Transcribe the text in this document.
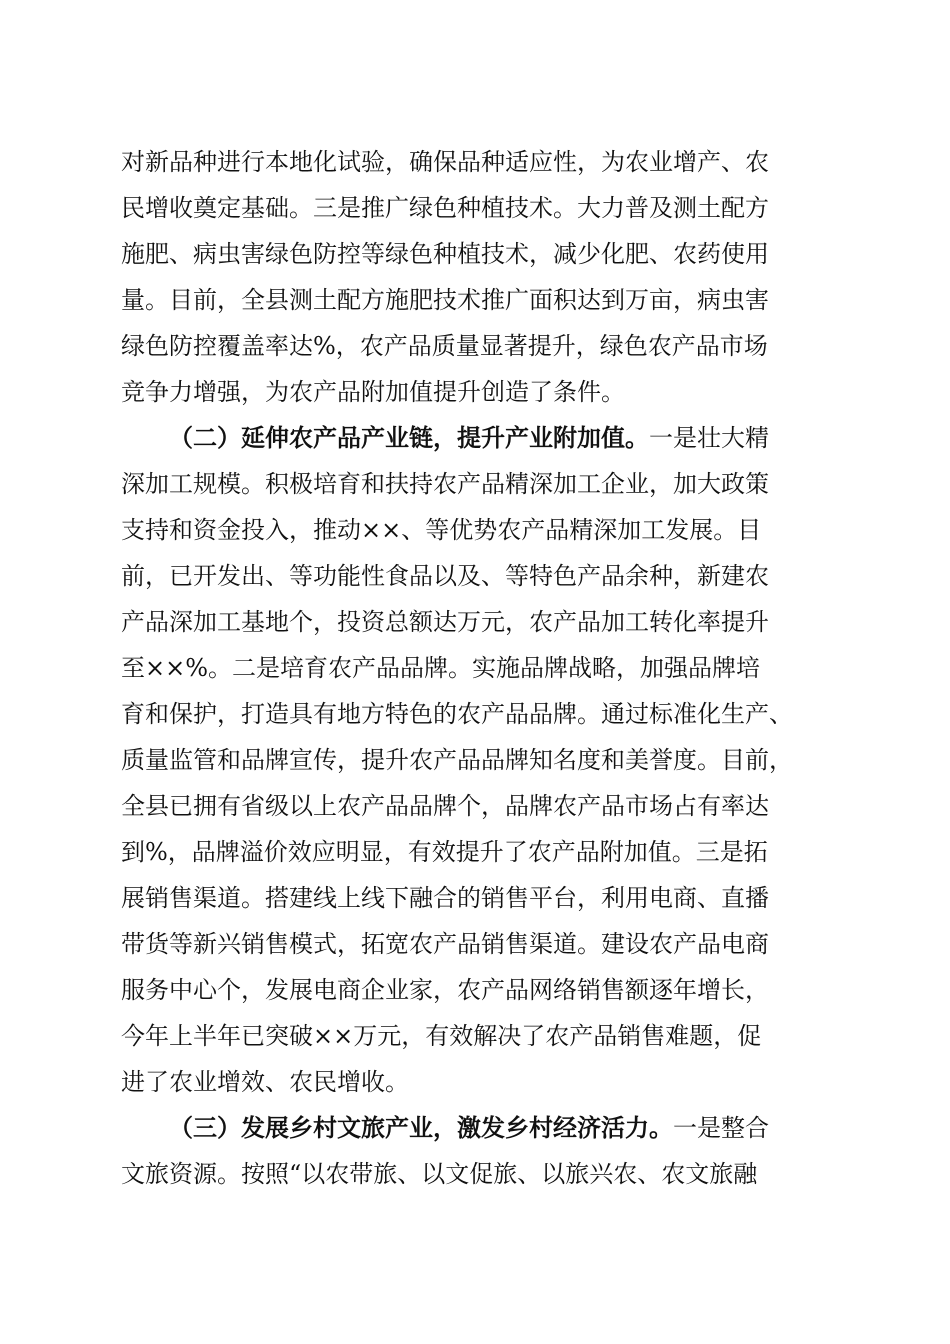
对新品种进行本地化试验，确保品种适应性，为农业增产、农
民增收奠定基础。三是推广绿色种植技术。大力普及测土配方
施肥、病虫害绿色防控等绿色种植技术，减少化肥、农药使用
量。目前，全县测土配方施肥技术推广面积达到万亩，病虫害
绿色防控覆盖率达%，农产品质量显著提升，绿色农产品市场
竞争力增强，为农产品附加值提升创造了条件。
（二）延伸农产品产业链，提升产业附加值。一是壮大精
深加工规模。积极培育和扶持农产品精深加工企业，加大政策
支持和资金投入，推动××、等优势农产品精深加工发展。目
前，已开发出、等功能性食品以及、等特色产品余种，新建农
产品深加工基地个，投资总额达万元，农产品加工转化率提升
至××%。二是培育农产品品牌。实施品牌战略，加强品牌培
育和保护，打造具有地方特色的农产品品牌。通过标准化生产、
质量监管和品牌宣传，提升农产品品牌知名度和美誉度。目前，
全县已拥有省级以上农产品品牌个，品牌农产品市场占有率达
到%，品牌溢价效应明显，有效提升了农产品附加值。三是拓
展销售渠道。搭建线上线下融合的销售平台，利用电商、直播
带货等新兴销售模式，拓宽农产品销售渠道。建设农产品电商
服务中心个，发展电商企业家，农产品网络销售额逐年增长，
今年上半年已突破××万元，有效解决了农产品销售难题，促
进了农业增效、农民增收。
（三）发展乡村文旅产业，激发乡村经济活力。一是整合
文旅资源。按照“以农带旅、以文促旅、以旅兴农、农文旅融
